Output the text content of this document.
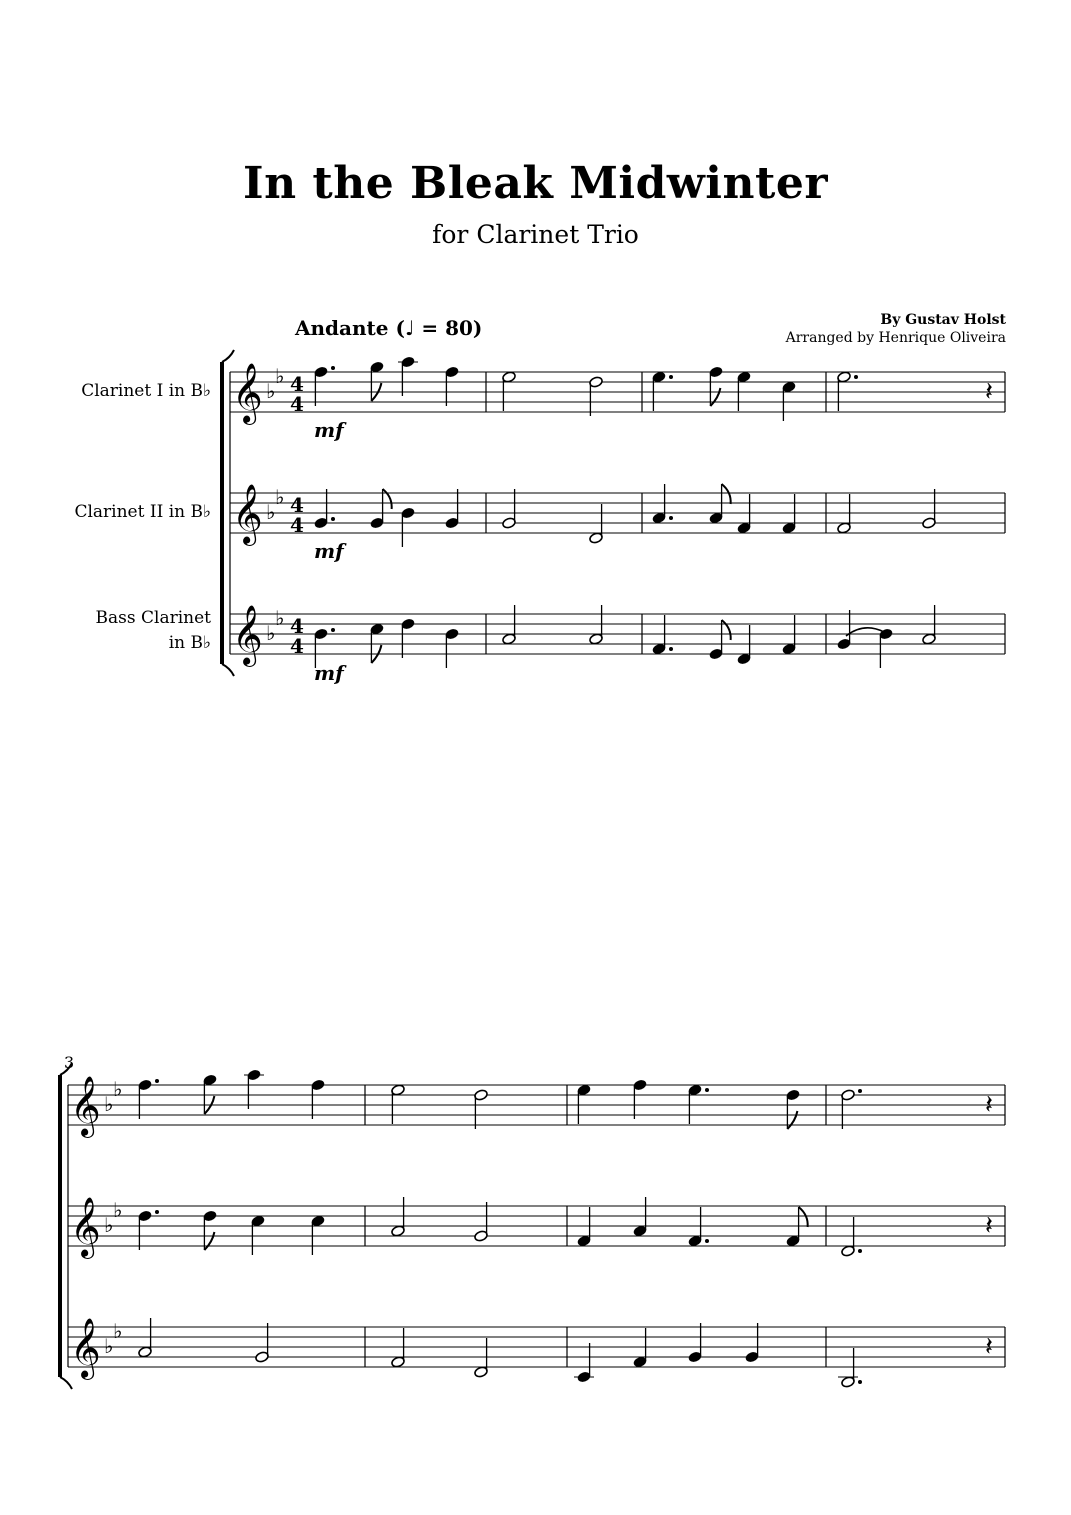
In the Bleak Midwinter
for Clarinet Trio
By Gustav Holst
Arranged by Henrique Oliveira
Andante (♩ = 80)
Clarinet I in B♭
Clarinet II in B♭
Bass Clarinet
in B♭
𝄞 ♭
♭ 4
4
𝄞 ♭
♭ 4
4
𝄞 ♭
♭ 4
4
𝄞 ♭
♭
𝄞 ♭
♭
𝄞 ♭
♭
𝄽
mf
mf
mf
𝄽
𝄽
𝄽
3
